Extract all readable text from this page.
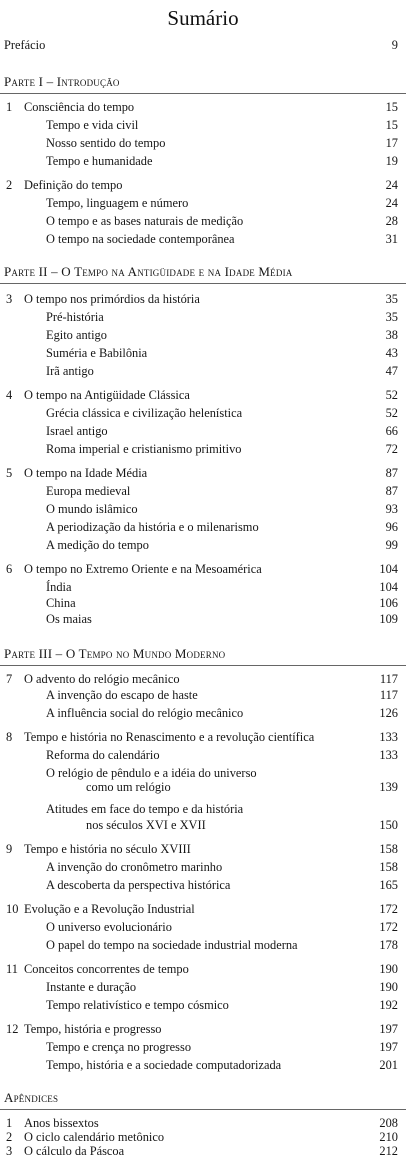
Sumário
Prefácio	9
Parte I – Introdução
1 Consciência do tempo	15
Tempo e vida civil	15
Nosso sentido do tempo	17
Tempo e humanidade	19
2 Definição do tempo	24
Tempo, linguagem e número	24
O tempo e as bases naturais de medição	28
O tempo na sociedade contemporânea	31
Parte II – O Tempo na Antigüidade e na Idade Média
3 O tempo nos primórdios da história	35
Pré-história	35
Egito antigo	38
Suméria e Babilônia	43
Irã antigo	47
4 O tempo na Antigüidade Clássica	52
Grécia clássica e civilização helenística	52
Israel antigo	66
Roma imperial e cristianismo primitivo	72
5 O tempo na Idade Média	87
Europa medieval	87
O mundo islâmico	93
A periodização da história e o milenarismo	96
A medição do tempo	99
6 O tempo no Extremo Oriente e na Mesoamérica	104
Índia	104
China	106
Os maias	109
Parte III – O Tempo no Mundo Moderno
7 O advento do relógio mecânico	117
A invenção do escapo de haste	117
A influência social do relógio mecânico	126
8 Tempo e história no Renascimento e a revolução científica	133
Reforma do calendário	133
O relógio de pêndulo e a idéia do universo
como um relógio	139
Atitudes em face do tempo e da história
nos séculos XVI e XVII	150
9 Tempo e história no século XVIII	158
A invenção do cronômetro marinho	158
A descoberta da perspectiva histórica	165
10 Evolução e a Revolução Industrial	172
O universo evolucionário	172
O papel do tempo na sociedade industrial moderna	178
11 Conceitos concorrentes de tempo	190
Instante e duração	190
Tempo relativístico e tempo cósmico	192
12 Tempo, história e progresso	197
Tempo e crença no progresso	197
Tempo, história e a sociedade computadorizada	201
Apêndices
1 Anos bissextos	208
2 O ciclo calendário metônico	210
3 O cálculo da Páscoa	212
